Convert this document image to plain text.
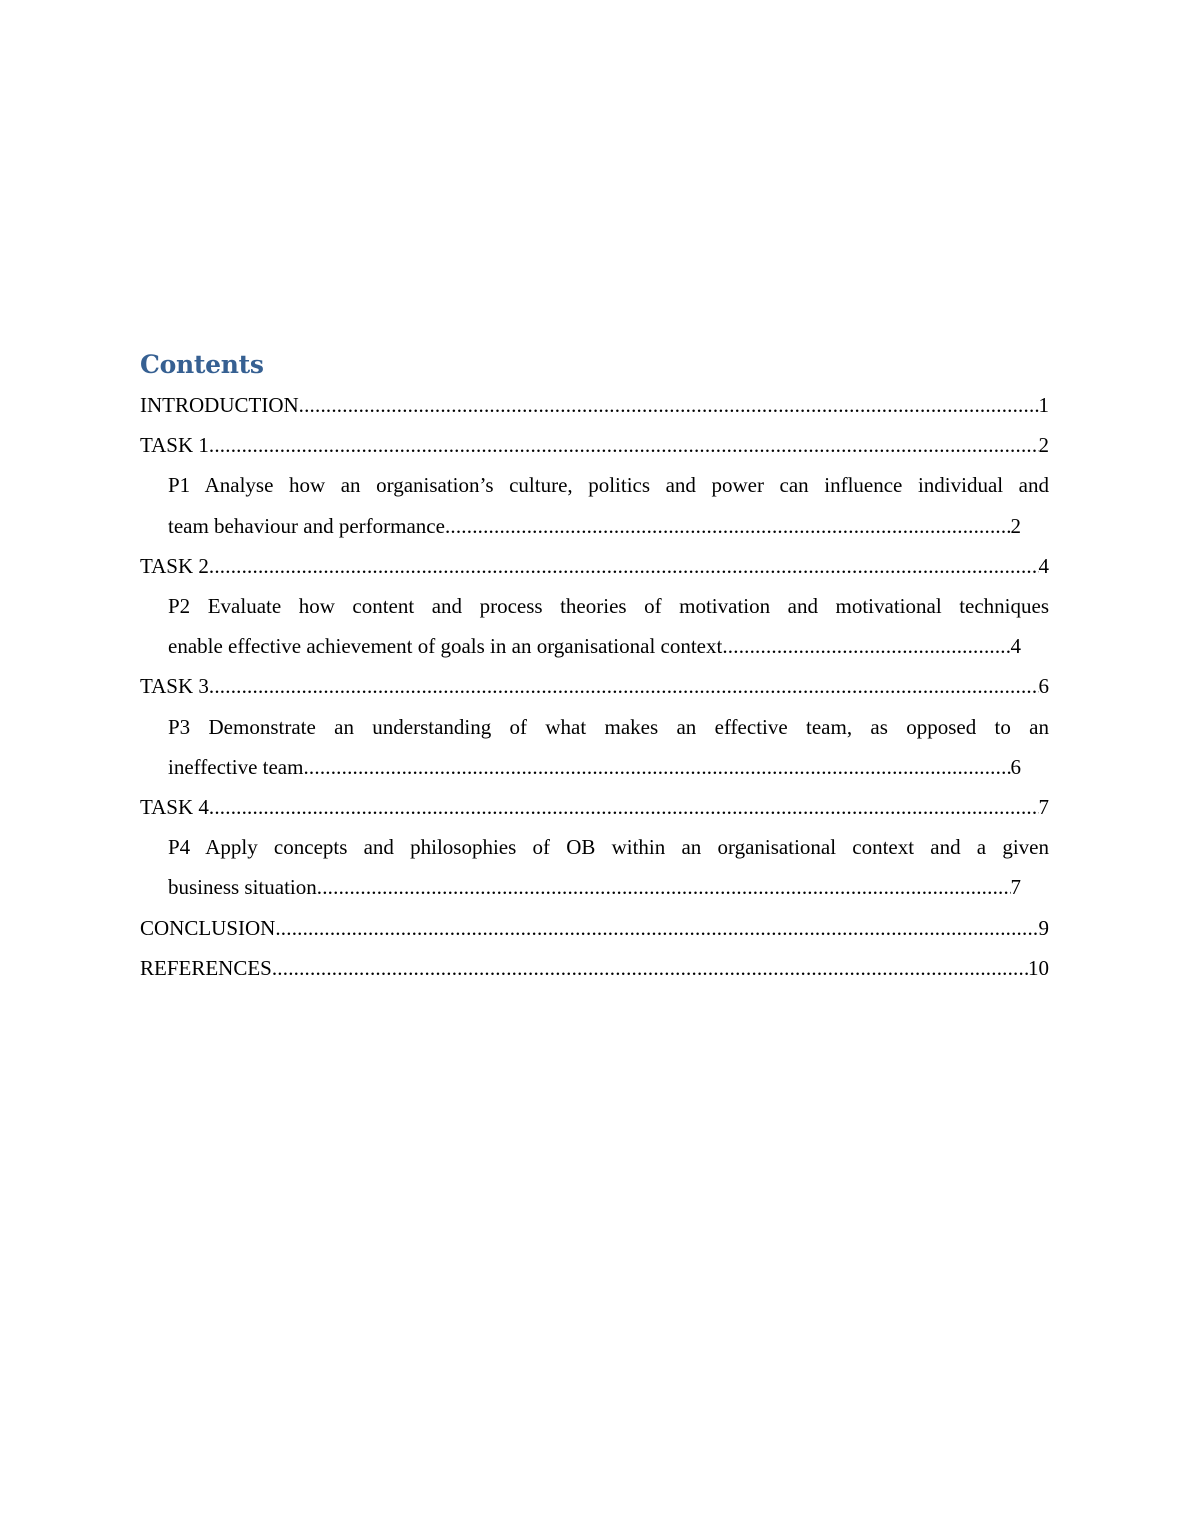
Contents
INTRODUCTION .....	1
TASK 1 .....	2
P1 Analyse how an organisation’s culture, politics and power can influence individual and
team behaviour and performance .....	2
TASK 2 .....	4
P2 Evaluate how content and process theories of motivation and motivational techniques
enable effective achievement of goals in an organisational context .....	4
TASK 3 .....	6
P3 Demonstrate an understanding of what makes an effective team, as opposed to an
ineffective team .....	6
TASK 4 .....	7
P4 Apply concepts and philosophies of OB within an organisational context and a given
business situation .....	7
CONCLUSION .....	9
REFERENCES .....	10
